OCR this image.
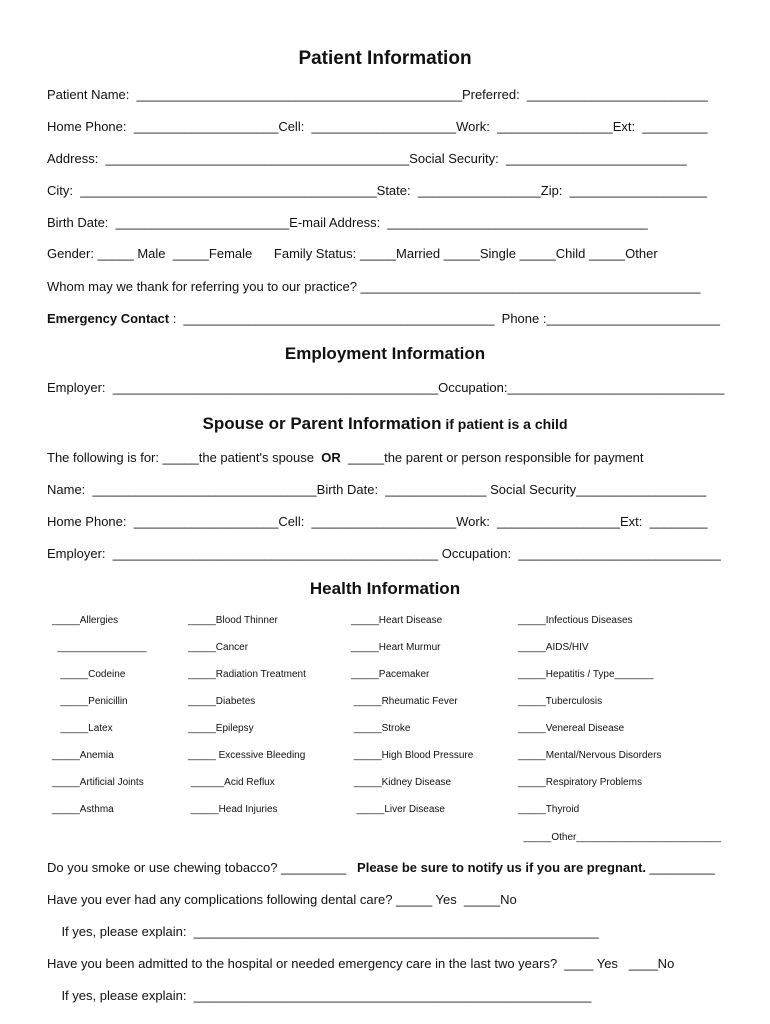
Patient Information
Patient Name:  _____________________________________________Preferred:  _________________________
Home Phone:  ____________________Cell:  ____________________Work:  ________________Ext:  _________
Address:  __________________________________________Social Security:  _________________________
City:  _________________________________________State:  _________________Zip:  ___________________
Birth Date:  ________________________E-mail Address:  ____________________________________
Gender: _____ Male  _____Female      Family Status: _____Married _____Single _____Child _____Other
Whom may we thank for referring you to our practice? _______________________________________________
Emergency Contact :  ___________________________________________  Phone :________________________
Employment Information
Employer:  _____________________________________________Occupation:______________________________
Spouse or Parent Information if patient is a child
The following is for: _____the patient's spouse  OR  _____the parent or person responsible for payment
Name:  _______________________________Birth Date:  ______________ Social Security__________________
Home Phone:  ____________________Cell:  ____________________Work:  _________________Ext:  ________
Employer:  _____________________________________________ Occupation:  ____________________________
Health Information
_____Allergies
________________
_____Codeine
_____Penicillin
_____Latex
_____Anemia
_____Artificial Joints
_____Asthma
_____Blood Thinner
_____Cancer
_____Radiation Treatment
_____Diabetes
_____Epilepsy
_____ Excessive Bleeding
______Acid Reflux
_____Head Injuries
_____Heart Disease
_____Heart Murmur
_____Pacemaker
_____Rheumatic Fever
_____Stroke
_____High Blood Pressure
_____Kidney Disease
_____Liver Disease
_____Infectious Diseases
_____AIDS/HIV
_____Hepatitis / Type_______
_____Tuberculosis
_____Venereal Disease
_____Mental/Nervous Disorders
_____Respiratory Problems
_____Thyroid
_____Other__________________________
Do you smoke or use chewing tobacco? _________   Please be sure to notify us if you are pregnant. _________
Have you ever had any complications following dental care? _____ Yes  _____No
If yes, please explain:  ________________________________________________________
Have you been admitted to the hospital or needed emergency care in the last two years?  ____ Yes   ____No
If yes, please explain:  _______________________________________________________
